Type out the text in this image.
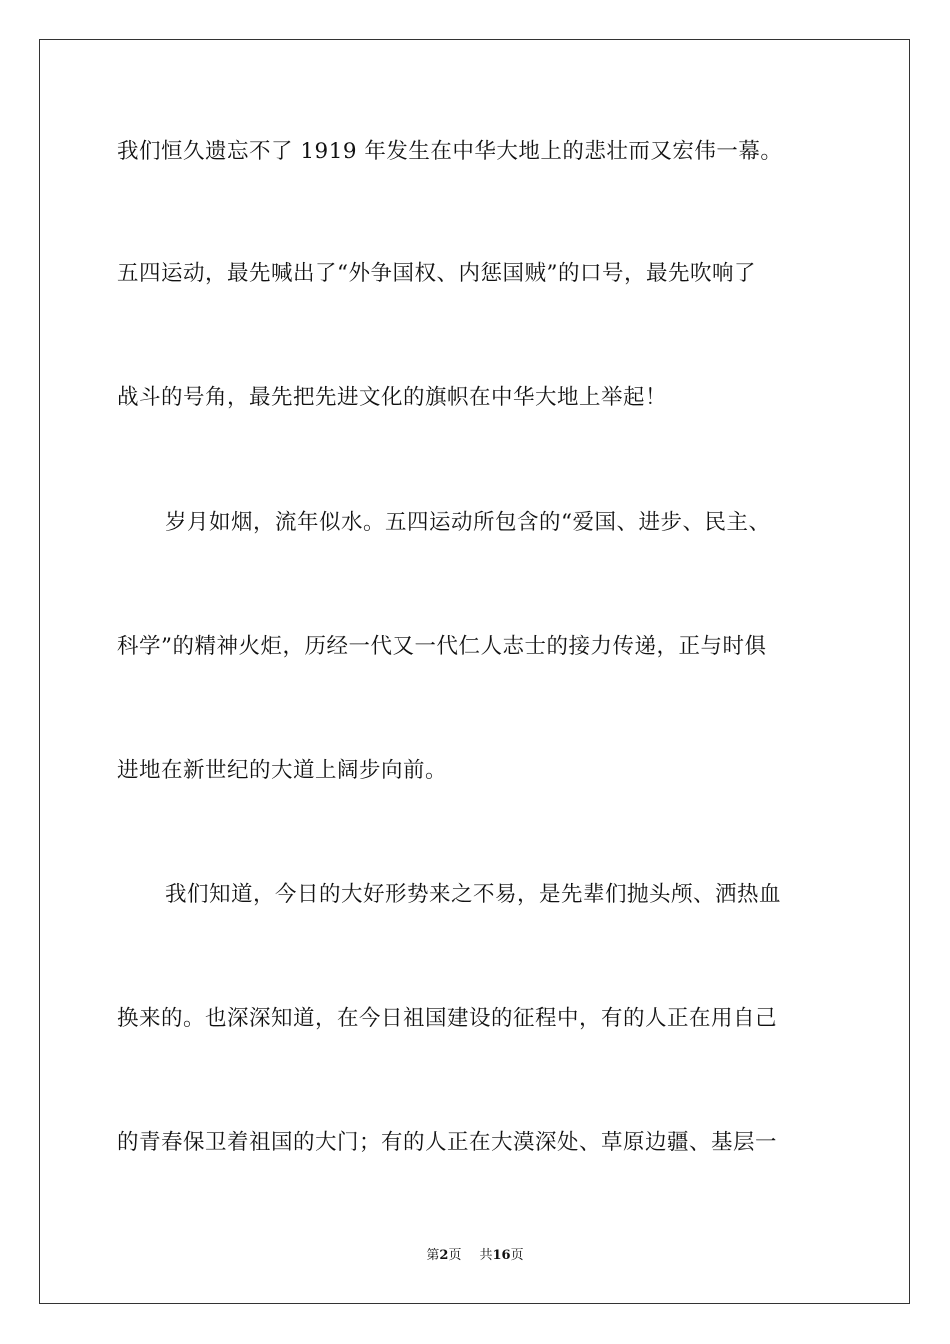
我们恒久遗忘不了 1919 年发生在中华大地上的悲壮而又宏伟一幕。
五四运动，最先喊出了“外争国权、内惩国贼”的口号，最先吹响了
战斗的号角，最先把先进文化的旗帜在中华大地上举起！
岁月如烟，流年似水。五四运动所包含的“爱国、进步、民主、
科学”的精神火炬，历经一代又一代仁人志士的接力传递，正与时俱
进地在新世纪的大道上阔步向前。
我们知道，今日的大好形势来之不易，是先辈们抛头颅、洒热血
换来的。也深深知道，在今日祖国建设的征程中，有的人正在用自己
的青春保卫着祖国的大门；有的人正在大漠深处、草原边疆、基层一
第2页 共16页
